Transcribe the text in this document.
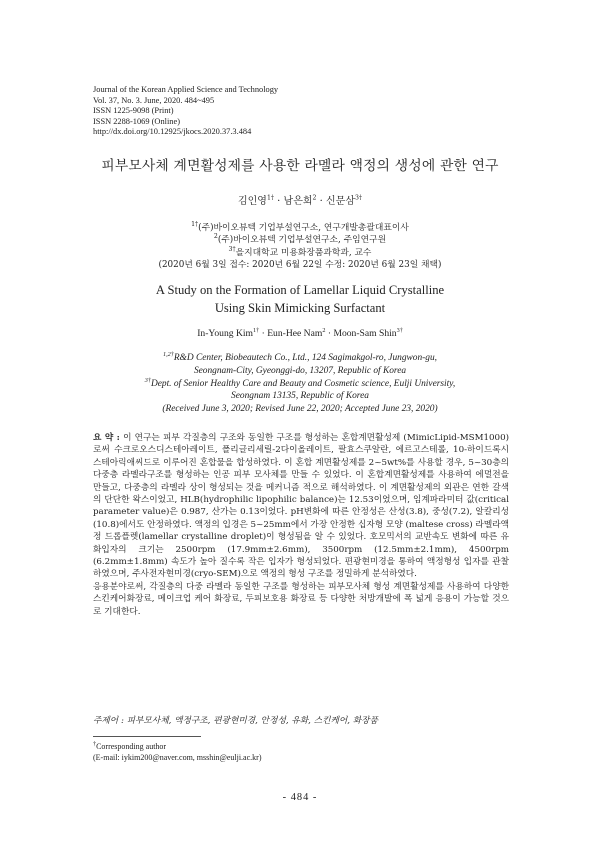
Journal of the Korean Applied Science and Technology
Vol. 37, No. 3. June, 2020. 484~495
ISSN 1225-9098 (Print)
ISSN 2288-1069 (Online)
http://dx.doi.org/10.12925/jkocs.2020.37.3.484
피부모사체 계면활성제를 사용한 라멜라 액정의 생성에 관한 연구
김인영$^{1\dagger}$ · 남은희$^2$ · 신문삼$^{3\dagger}$
$^{1\dagger}$(주)바이오뷰텍 기업부설연구소, 연구개발총괄대표이사
$^2$(주)바이오뷰텍 기업부설연구소, 주임연구원
$^{3\dagger}$을지대학교 미용화장품과학과, 교수
(2020년 6월 3일 접수: 2020년 6월 22일 수정: 2020년 6월 23일 채택)
A Study on the Formation of Lamellar Liquid Crystalline
Using Skin Mimicking Surfactant
In-Young Kim$^{1\dagger}$ · Eun-Hee Nam$^2$ · Moon-Sam Shin$^{3\dagger}$
$^{1,2\dagger}$R&D Center, Biobeautech Co., Ltd., 124 Sagimakgol-ro, Jungwon-gu,
Seongnam-City, Gyeonggi-do, 13207, Republic of Korea
$^{3\dagger}$Dept. of Senior Healthy Care and Beauty and Cosmetic science, Eulji University,
Seongnam 13135, Republic of Korea
(Received June 3, 2020; Revised June 22, 2020; Accepted June 23, 2020)

요 약 : 이 연구는 피부 각질층의 구조와 동일한 구조를 형성하는 혼합계면활성제 (MimicLipid-MSM1000)로써 수크로오스디스테아레이트, 폴리글리세릴-2다이올레이트, 팔효스쿠알란, 에르고스테롤, 10-하이드록시스테아릭애씨드로 이루어진 혼합물을 합성하였다. 이 혼합 계면활성제를 2~5wt%를 사용할 경우, 5~30층의 다중층 라멜라구조를 형성하는 인공 피부 모사체를 만들 수 있었다. 이 혼합계면활성제를 사용하여 에멀전을 만들고, 다중층의 라멜라 상이 형성되는 것을 메커니즘 적으로 해석하였다. 이 계면활성제의 외관은 연한 갈색의 단단한 왁스이었고, HLB(hydrophilic lipophilic balance)는 12.53이었으며, 임계파라미터 값(critical parameter value)은 0.987, 산가는 0.13이었다. pH변화에 따른 안정성은 산성(3.8), 중성(7.2), 알칼리성(10.8)에서도 안정하였다. 액정의 입경은 5~25mm에서 가장 안정한 십자형 모양 (maltese cross) 라멜라액정 드롭플렛(lamellar crystalline droplet)이 형성됨을 알 수 있었다. 호모믹서의 교반속도 변화에 따른 유화입자의 크기는 2500rpm (17.9mm±2.6mm), 3500rpm (12.5mm±2.1mm), 4500rpm (6.2mm±1.8mm) 속도가 높아 질수록 작은 입자가 형성되었다. 편광현미경을 통하여 액정형성 입자를 관찰하였으며, 주사전자현미경(cryo-SEM)으로 액정의 형성 구조를 정밀하게 분석하였다.

응용분야로써, 각질층의 다중 라멜라 동일한 구조를 형성하는 피부모사체 형성 계면활성제를 사용하여 다양한 스킨케어화장료, 메이크업 케어 화장료, 두피보호용 화장료 등 다양한 처방개발에 폭 넓게 응용이 가능할 것으로 기대한다.

주제어 : 피부모사체, 액정구조, 편광현미경, 안정성, 유화, 스킨케어, 화장품
†Corresponding author
(E-mail: iykim200@naver.com, msshin@eulji.ac.kr)
- 484 -
